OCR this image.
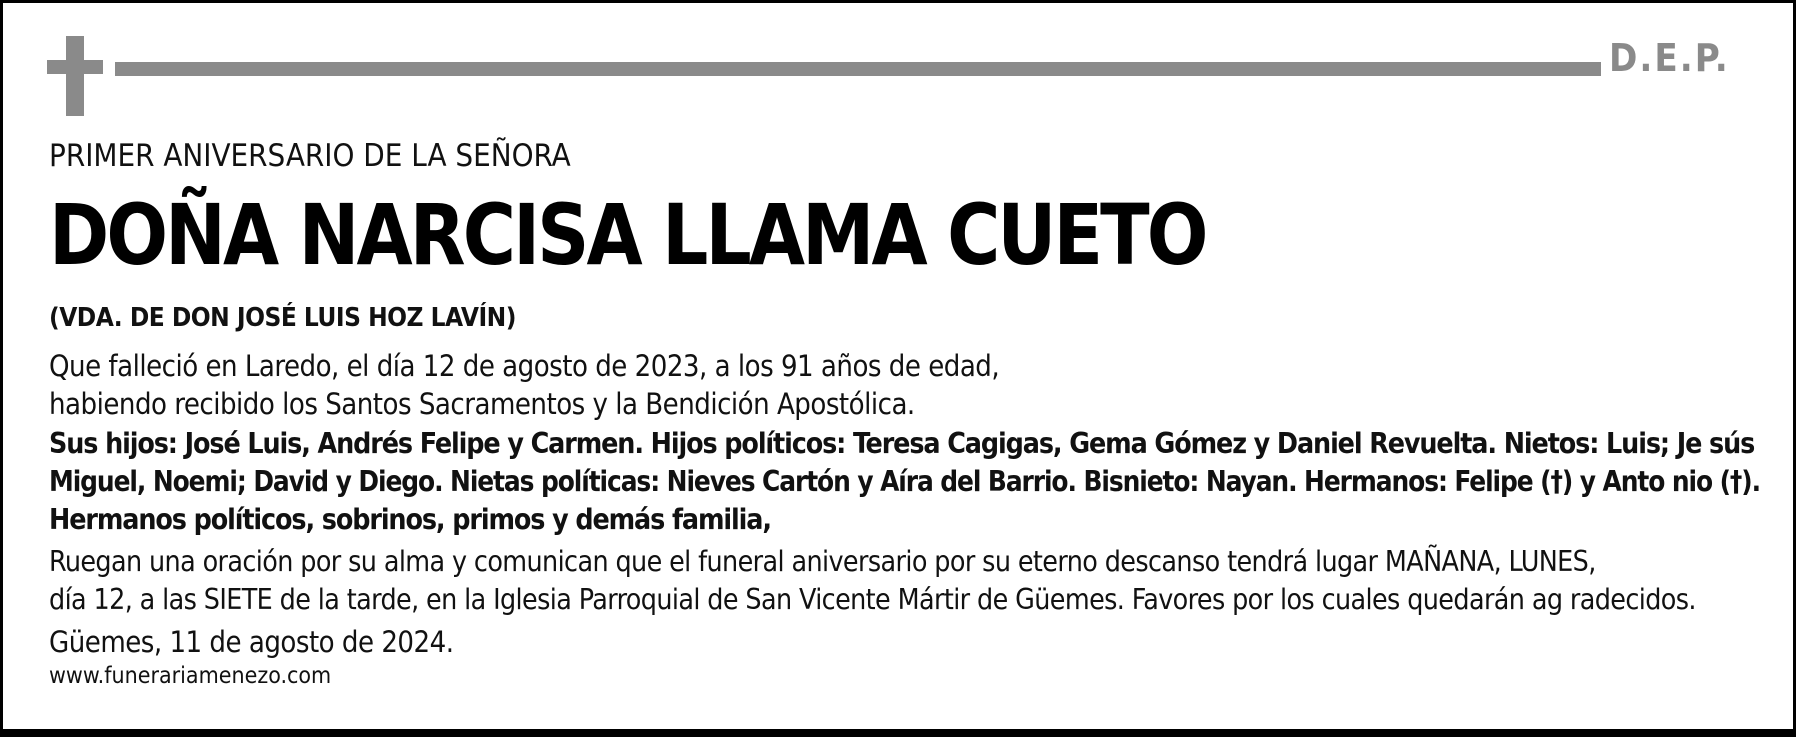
D.E.P.
PRIMER ANIVERSARIO DE LA SEÑORA
DOÑA NARCISA LLAMA CUETO
(VDA. DE DON JOSÉ LUIS HOZ LAVÍN)
Que falleció en Laredo, el día 12 de agosto de 2023, a los 91 años de edad,
habiendo recibido los Santos Sacramentos y la Bendición Apostólica.
Sus hijos: José Luis, Andrés Felipe y Carmen. Hijos políticos: Teresa Cagigas, Gema Gómez y Daniel Revuelta. Nietos: Luis; Je sús
Miguel, Noemi; David y Diego. Nietas políticas: Nieves Cartón y Aíra del Barrio. Bisnieto: Nayan. Hermanos: Felipe (†) y Anto nio (†).
Hermanos políticos, sobrinos, primos y demás familia,
Ruegan una oración por su alma y comunican que el funeral aniversario por su eterno descanso tendrá lugar MAÑANA, LUNES,
día 12, a las SIETE de la tarde, en la Iglesia Parroquial de San Vicente Mártir de Güemes. Favores por los cuales quedarán ag radecidos.
Güemes, 11 de agosto de 2024.
www.funerariamenezo.com
